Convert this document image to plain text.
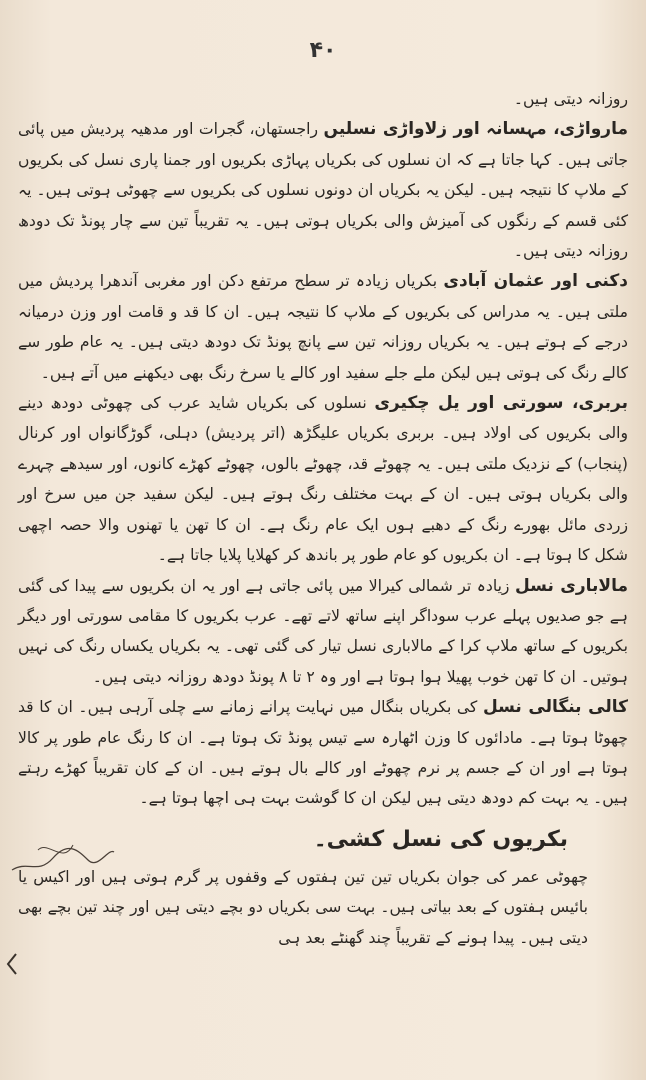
۴۰

روزانہ دیتی ہیں۔

مارواڑی، مہسانہ اور زلاواڑی نسلیں راجستھان، گجرات اور مدھیہ پردیش میں پائی جاتی ہیں۔ کہا جاتا ہے کہ ان نسلوں کی بکریاں پہاڑی بکریوں اور جمنا پاری نسل کی بکریوں کے ملاپ کا نتیجہ ہیں۔ لیکن یہ بکریاں ان دونوں نسلوں کی بکریوں سے چھوٹی ہوتی ہیں۔ یہ کئی قسم کے رنگوں کی آمیزش والی بکریاں ہوتی ہیں۔ یہ تقریباً تین سے چار پونڈ تک دودھ روزانہ دیتی ہیں۔

دکنی اور عثمان آبادی بکریاں زیادہ تر سطح مرتفع دکن اور مغربی آندھرا پردیش میں ملتی ہیں۔ یہ مدراس کی بکریوں کے ملاپ کا نتیجہ ہیں۔ ان کا قد و قامت اور وزن درمیانہ درجے کے ہوتے ہیں۔ یہ بکریاں روزانہ تین سے پانچ پونڈ تک دودھ دیتی ہیں۔ یہ عام طور سے کالے رنگ کی ہوتی ہیں لیکن ملے جلے سفید اور کالے یا سرخ رنگ بھی دیکھنے میں آتے ہیں۔

بربری، سورتی اور یل چکیری نسلوں کی بکریاں شاید عرب کی چھوٹی دودھ دینے والی بکریوں کی اولاد ہیں۔ بربری بکریاں علیگڑھ (اتر پردیش) دہلی، گوڑگانواں اور کرنال (پنجاب) کے نزدیک ملتی ہیں۔ یہ چھوٹے قد، چھوٹے بالوں، چھوٹے کھڑے کانوں، اور سیدھے چہرے والی بکریاں ہوتی ہیں۔ ان کے بہت مختلف رنگ ہوتے ہیں۔ لیکن سفید جن میں سرخ اور زردی مائل بھورے رنگ کے دھبے ہوں ایک عام رنگ ہے۔ ان کا تھن یا تھنوں والا حصہ اچھی شکل کا ہوتا ہے۔ ان بکریوں کو عام طور پر باندھ کر کھلایا پلایا جاتا ہے۔

مالاباری نسل زیادہ تر شمالی کیرالا میں پائی جاتی ہے اور یہ ان بکریوں سے پیدا کی گئی ہے جو صدیوں پہلے عرب سوداگر اپنے ساتھ لاتے تھے۔ عرب بکریوں کا مقامی سورتی اور دیگر بکریوں کے ساتھ ملاپ کرا کے مالاباری نسل تیار کی گئی تھی۔ یہ بکریاں یکساں رنگ کی نہیں ہوتیں۔ ان کا تھن خوب پھیلا ہوا ہوتا ہے اور وہ ۲ تا ۸ پونڈ دودھ روزانہ دیتی ہیں۔

کالی بنگالی نسل کی بکریاں بنگال میں نہایت پرانے زمانے سے چلی آرہی ہیں۔ ان کا قد چھوٹا ہوتا ہے۔ مادائوں کا وزن اٹھارہ سے تیس پونڈ تک ہوتا ہے۔ ان کا رنگ عام طور پر کالا ہوتا ہے اور ان کے جسم پر نرم چھوٹے اور کالے بال ہوتے ہیں۔ ان کے کان تقریباً کھڑے رہتے ہیں۔ یہ بہت کم دودھ دیتی ہیں لیکن ان کا گوشت بہت ہی اچھا ہوتا ہے۔

بکریوں کی نسل کشی۔

چھوٹی عمر کی جوان بکریاں تین تین ہفتوں کے وقفوں پر گرم ہوتی ہیں اور اکیس یا بائیس ہفتوں کے بعد بیاتی ہیں۔ بہت سی بکریاں دو بچے دیتی ہیں اور چند تین بچے بھی دیتی ہیں۔ پیدا ہونے کے تقریباً چند گھنٹے بعد ہی
